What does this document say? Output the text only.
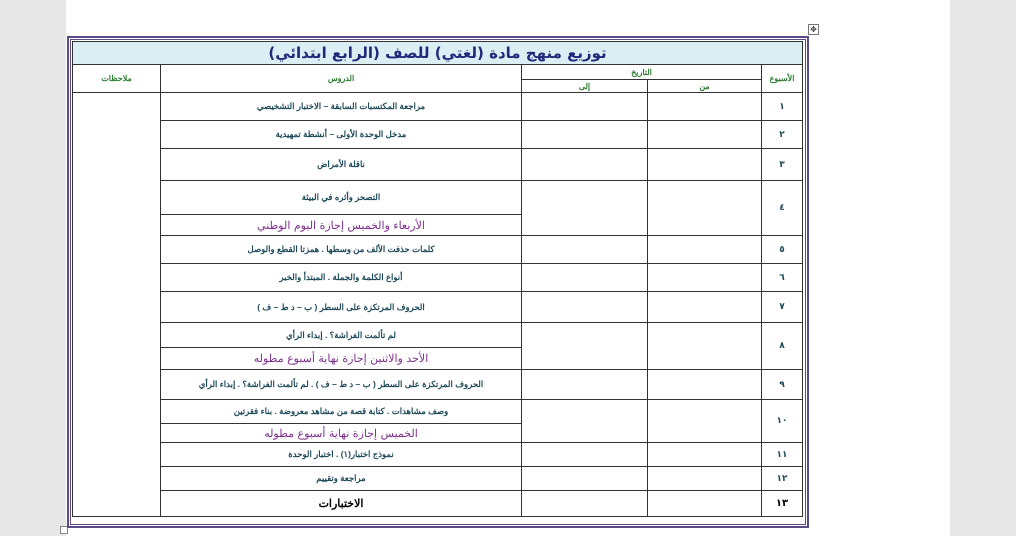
✥
توزيع منهج مادة (لغتي) للصف (الرابع ابتدائي)				
ملاحظات	الدروس	التاريخ		الأسبوع
		إلى	من	
	مراجعة المكتسبات السابقة – الاختبار التشخيصي			١
	مدخل الوحدة الأولى – أنشطة تمهيدية			٢
	ناقلة الأمراض			٣
	التصحر وأثره في البيئة			٤
	الأربعاء والخميس إجازة اليوم الوطني			
	كلمات حذفت الألف من وسطها . همزتا القطع والوصل			٥
	أنواع الكلمة والجملة . المبتدأ والخبر			٦
	الحروف المرتكزة على السطر ( ب – د ط – ف )			٧
	لم تألمت الفراشة؟ . إبداء الرأي			٨
	الأحد والاثنين إجازة نهاية أسبوع مطوله			
	الحروف المرتكزة على السطر ( ب – د ط – ف ) . لم تألمت الفراشة؟ . إبداء الرأي			٩
	وصف مشاهدات . كتابة قصة من مشاهد معروضة . بناء فقرتين			١٠
	الخميس إجازة نهاية أسبوع مطوله			
	نموذج اختبار(١) . اختبار الوحدة			١١
	مراجعة وتقييم			١٢
	الاختبارات			١٣
